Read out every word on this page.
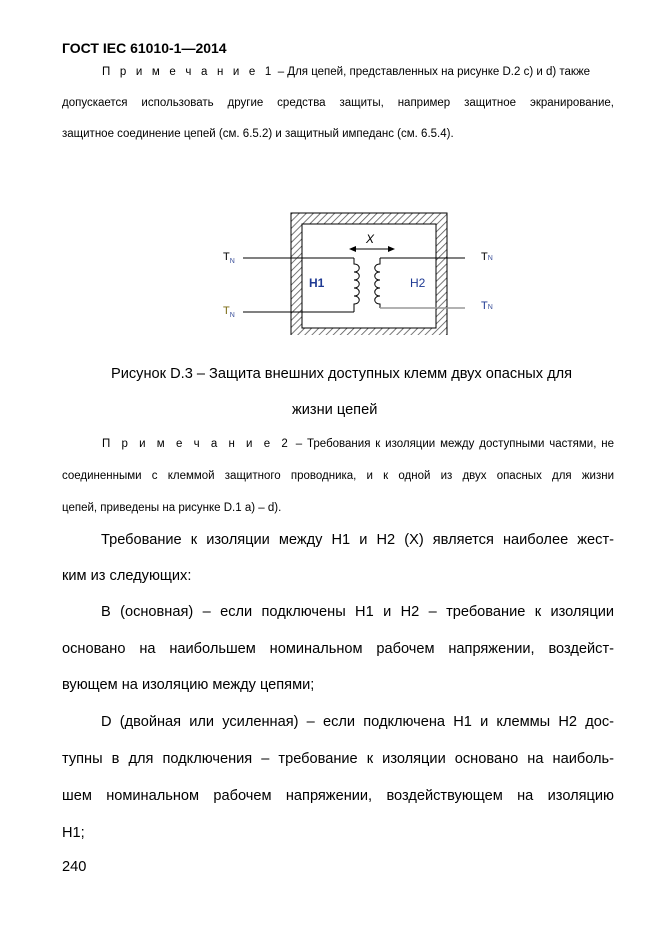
ГОСТ IEC 61010-1—2014
П р и м е ч а н и е 1 – Для цепей, представленных на рисунке D.2 c) и d) также
допускается использовать другие средства защиты, например защитное экранирование,
защитное соединение цепей (см. 6.5.2) и защитный импеданс (см. 6.5.4).
X
H1	H2
$T_N$
$T_N$
TN
TN
Рисунок D.3 – Защита внешних доступных клемм двух опасных для
жизни цепей
П р и м е ч а н и е 2 – Требования к изоляции между доступными частями, не
соединенными с клеммой защитного проводника, и к одной из двух опасных для жизни
цепей, приведены на рисунке D.1 а) – d).
Требование к изоляции между H1 и H2 (X) является наиболее жест-
ким из следующих:
B (основная) – если подключены H1 и H2 – требование к изоляции
основано на наибольшем номинальном рабочем напряжении, воздейст-
вующем на изоляцию между цепями;
D (двойная или усиленная) – если подключена H1 и клеммы H2 дос-
тупны в для подключения – требование к изоляции основано на наиболь-
шем номинальном рабочем напряжении, воздействующем на изоляцию
H1;
240
